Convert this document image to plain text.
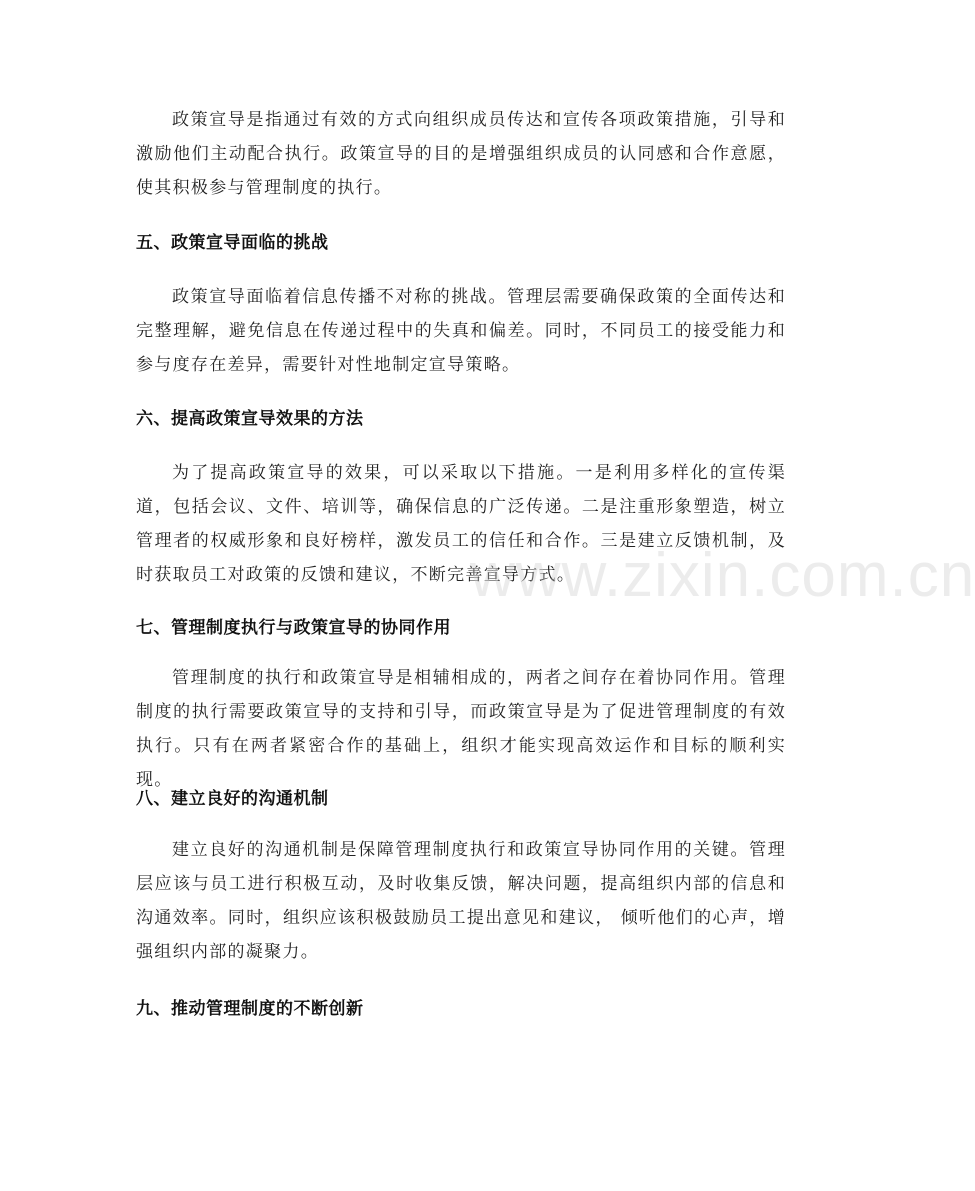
政策宣导是指通过有效的方式向组织成员传达和宣传各项政策措施，引导和激励他们主动配合执行。政策宣导的目的是增强组织成员的认同感和合作意愿，使其积极参与管理制度的执行。

五、政策宣导面临的挑战

政策宣导面临着信息传播不对称的挑战。管理层需要确保政策的全面传达和完整理解，避免信息在传递过程中的失真和偏差。同时，不同员工的接受能力和参与度存在差异，需要针对性地制定宣导策略。

六、提高政策宣导效果的方法

为了提高政策宣导的效果，可以采取以下措施。一是利用多样化的宣传渠道，包括会议、文件、培训等，确保信息的广泛传递。二是注重形象塑造，树立管理者的权威形象和良好榜样，激发员工的信任和合作。三是建立反馈机制，及时获取员工对政策的反馈和建议，不断完善宣导方式。

七、管理制度执行与政策宣导的协同作用

管理制度的执行和政策宣导是相辅相成的，两者之间存在着协同作用。管理制度的执行需要政策宣导的支持和引导，而政策宣导是为了促进管理制度的有效执行。只有在两者紧密合作的基础上，组织才能实现高效运作和目标的顺利实现。

八、建立良好的沟通机制

建立良好的沟通机制是保障管理制度执行和政策宣导协同作用的关键。管理层应该与员工进行积极互动，及时收集反馈，解决问题，提高组织内部的信息和沟通效率。同时，组织应该积极鼓励员工提出意见和建议， 倾听他们的心声，增强组织内部的凝聚力。

九、推动管理制度的不断创新
www.zixin.com.cn
